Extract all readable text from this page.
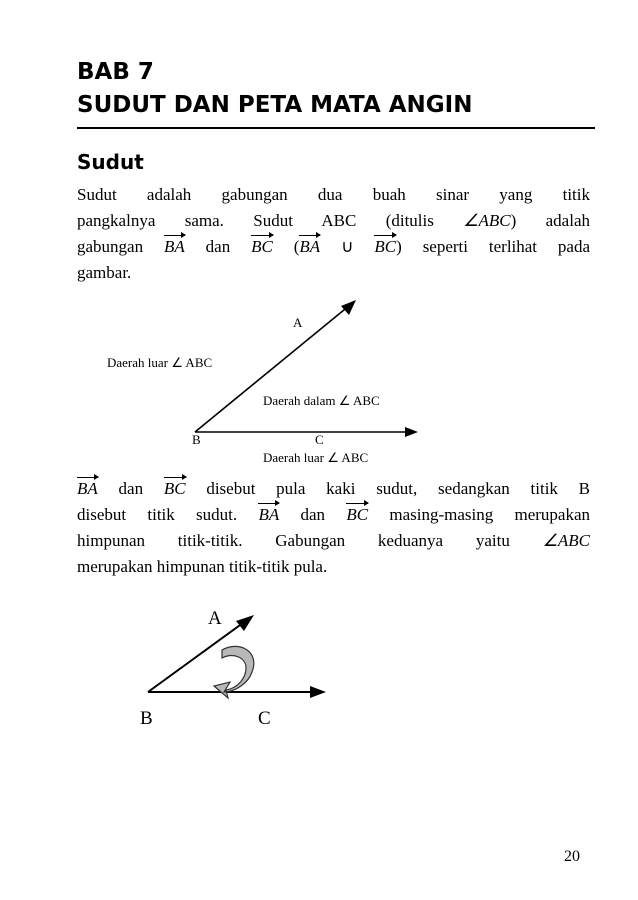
BAB 7
SUDUT DAN PETA MATA ANGIN
Sudut
Sudut adalah gabungan dua buah sinar yang titik
pangkalnya sama. Sudut ABC (ditulis ∠ABC) adalah
gabungan BA dan BC (BA ∪ BC) seperti terlihat pada
gambar.
A
B	C
Daerah luar ∠ ABC
Daerah dalam ∠ ABC
Daerah luar ∠ ABC
BA dan BC disebut pula kaki sudut, sedangkan titik B
disebut titik sudut. BA dan BC masing-masing merupakan
himpunan titik-titik. Gabungan keduanya yaitu ∠ABC
merupakan himpunan titik-titik pula.
A
B	C

20
